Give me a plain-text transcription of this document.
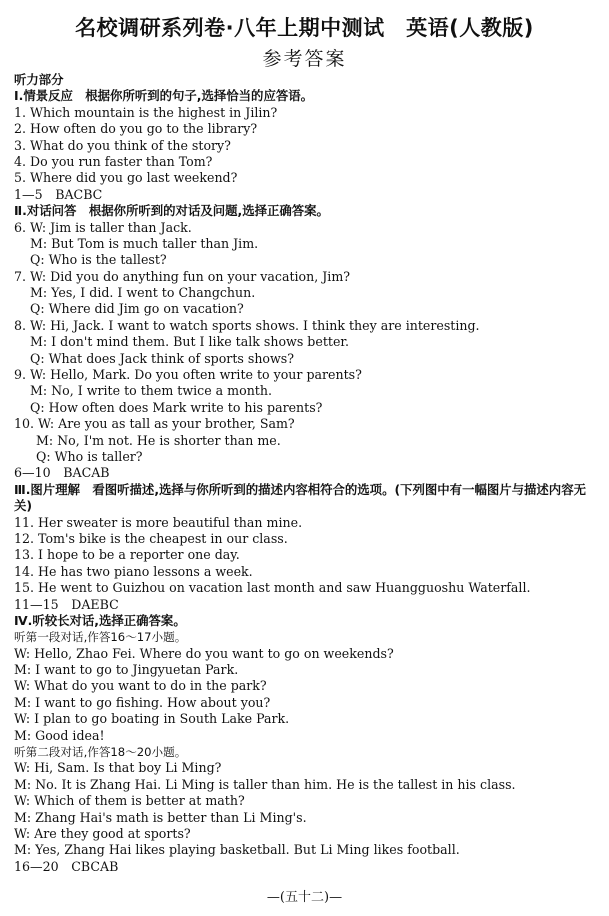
名校调研系列卷·八年上期中测试　英语(人教版)
参考答案
听力部分
Ⅰ.情景反应　根据你所听到的句子,选择恰当的应答语。
1. Which mountain is the highest in Jilin?
2. How often do you go to the library?
3. What do you think of the story?
4. Do you run faster than Tom?
5. Where did you go last weekend?
1—5　BACBC
Ⅱ.对话问答　根据你所听到的对话及问题,选择正确答案。
6. W: Jim is taller than Jack.
M: But Tom is much taller than Jim.
Q: Who is the tallest?
7. W: Did you do anything fun on your vacation, Jim?
M: Yes, I did. I went to Changchun.
Q: Where did Jim go on vacation?
8. W: Hi, Jack. I want to watch sports shows. I think they are interesting.
M: I don't mind them. But I like talk shows better.
Q: What does Jack think of sports shows?
9. W: Hello, Mark. Do you often write to your parents?
M: No, I write to them twice a month.
Q: How often does Mark write to his parents?
10. W: Are you as tall as your brother, Sam?
M: No, I'm not. He is shorter than me.
Q: Who is taller?
6—10　BACAB
Ⅲ.图片理解　看图听描述,选择与你所听到的描述内容相符合的选项。(下列图中有一幅图片与描述内容无关)
11. Her sweater is more beautiful than mine.
12. Tom's bike is the cheapest in our class.
13. I hope to be a reporter one day.
14. He has two piano lessons a week.
15. He went to Guizhou on vacation last month and saw Huangguoshu Waterfall.
11—15　DAEBC
Ⅳ.听较长对话,选择正确答案。
听第一段对话,作答16～17小题。
W: Hello, Zhao Fei. Where do you want to go on weekends?
M: I want to go to Jingyuetan Park.
W: What do you want to do in the park?
M: I want to go fishing. How about you?
W: I plan to go boating in South Lake Park.
M: Good idea!
听第二段对话,作答18～20小题。
W: Hi, Sam. Is that boy Li Ming?
M: No. It is Zhang Hai. Li Ming is taller than him. He is the tallest in his class.
W: Which of them is better at math?
M: Zhang Hai's math is better than Li Ming's.
W: Are they good at sports?
M: Yes, Zhang Hai likes playing basketball. But Li Ming likes football.
16—20　CBCAB
—(五十二)—
